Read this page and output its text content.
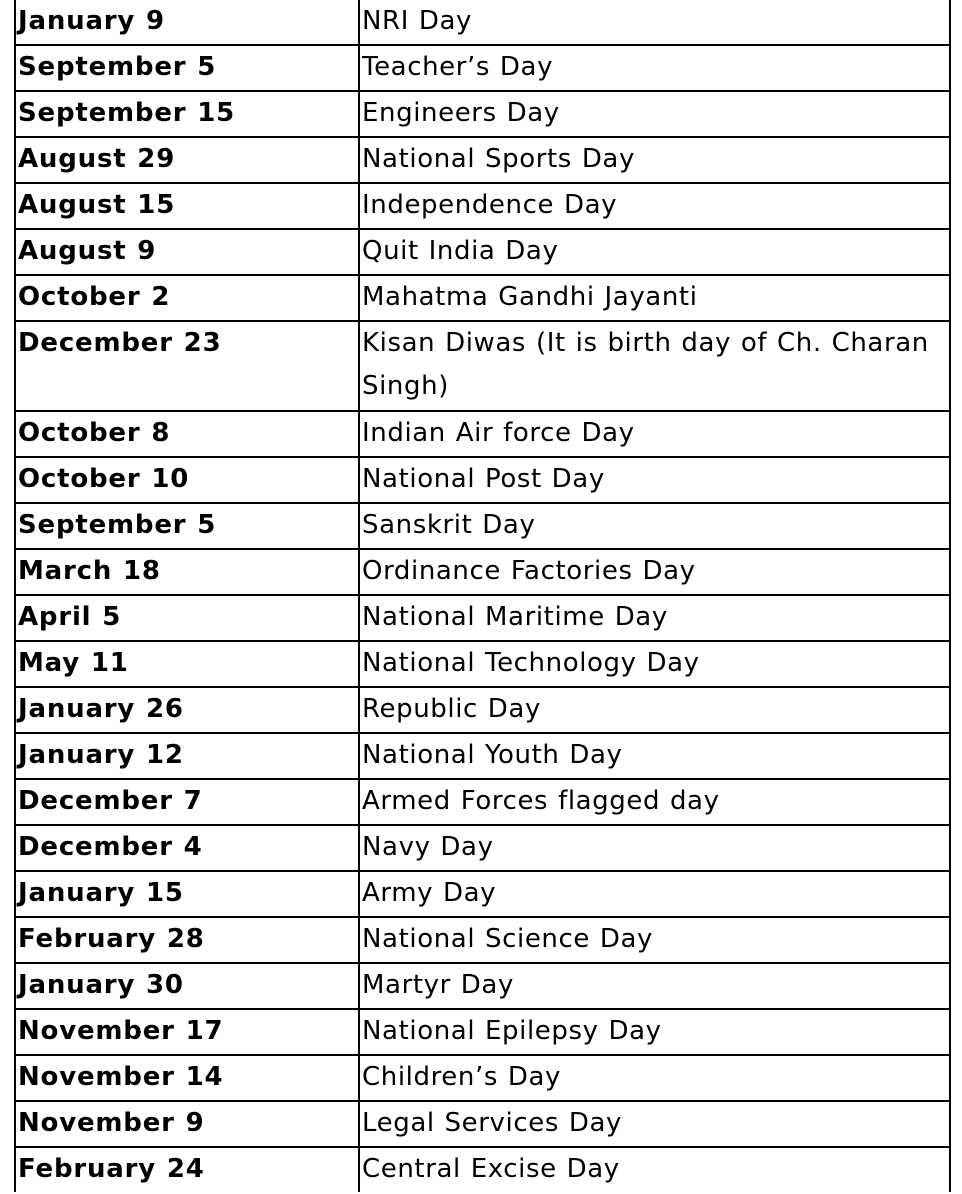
January 9	NRI Day
September 5	Teacher’s Day
September 15	Engineers Day
August 29	National Sports Day
August 15	Independence Day
August 9	Quit India Day
October 2	Mahatma Gandhi Jayanti
December 23	Kisan Diwas (It is birth day of Ch. Charan Singh)
October 8	Indian Air force Day
October 10	National Post Day
September 5	Sanskrit Day
March 18	Ordinance Factories Day
April 5	National Maritime Day
May 11	National Technology Day
January 26	Republic Day
January 12	National Youth Day
December 7	Armed Forces flagged day
December 4	Navy Day
January 15	Army Day
February 28	National Science Day
January 30	Martyr Day
November 17	National Epilepsy Day
November 14	Children’s Day
November 9	Legal Services Day
February 24	Central Excise Day
